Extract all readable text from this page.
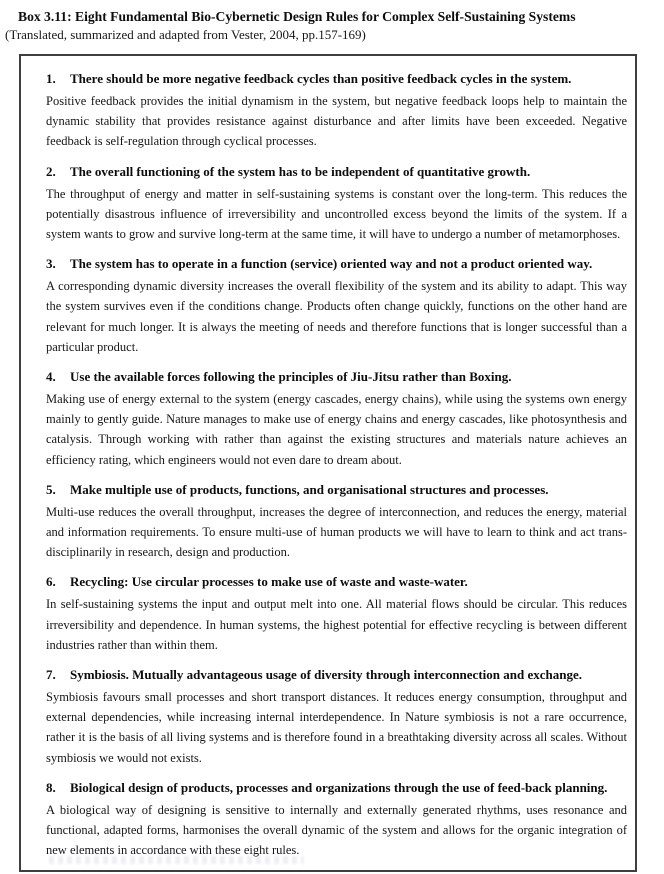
Box 3.11: Eight Fundamental Bio-Cybernetic Design Rules for Complex Self-Sustaining Systems
(Translated, summarized and adapted from Vester, 2004, pp.157-169)
1.	There should be more negative feedback cycles than positive feedback cycles in the system.

Positive feedback provides the initial dynamism in the system, but negative feedback loops help to maintain the dynamic stability that provides resistance against disturbance and after limits have been exceeded. Negative feedback is self-regulation through cyclical processes.

2.	The overall functioning of the system has to be independent of quantitative growth.

The throughput of energy and matter in self-sustaining systems is constant over the long-term. This reduces the potentially disastrous influence of irreversibility and uncontrolled excess beyond the limits of the system. If a system wants to grow and survive long-term at the same time, it will have to undergo a number of metamorphoses.

3.	The system has to operate in a function (service) oriented way and not a product oriented way.

A corresponding dynamic diversity increases the overall flexibility of the system and its ability to adapt. This way the system survives even if the conditions change. Products often change quickly, functions on the other hand are relevant for much longer. It is always the meeting of needs and therefore functions that is longer successful than a particular product.

4.	Use the available forces following the principles of Jiu-Jitsu rather than Boxing.

Making use of energy external to the system (energy cascades, energy chains), while using the systems own energy mainly to gently guide. Nature manages to make use of energy chains and energy cascades, like photosynthesis and catalysis. Through working with rather than against the existing structures and materials nature achieves an efficiency rating, which engineers would not even dare to dream about.

5.	Make multiple use of products, functions, and organisational structures and processes.

Multi-use reduces the overall throughput, increases the degree of interconnection, and reduces the energy, material and information requirements. To ensure multi-use of human products we will have to learn to think and act trans-disciplinarily in research, design and production.

6.	Recycling: Use circular processes to make use of waste and waste-water.

In self-sustaining systems the input and output melt into one. All material flows should be circular. This reduces irreversibility and dependence. In human systems, the highest potential for effective recycling is between different industries rather than within them.

7.	Symbiosis. Mutually advantageous usage of diversity through interconnection and exchange.

Symbiosis favours small processes and short transport distances. It reduces energy consumption, throughput and external dependencies, while increasing internal interdependence. In Nature symbiosis is not a rare occurrence, rather it is the basis of all living systems and is therefore found in a breathtaking diversity across all scales. Without symbiosis we would not exists.

8.	Biological design of products, processes and organizations through the use of feed-back planning.

A biological way of designing is sensitive to internally and externally generated rhythms, uses resonance and functional, adapted forms, harmonises the overall dynamic of the system and allows for the organic integration of new elements in accordance with these eight rules.
